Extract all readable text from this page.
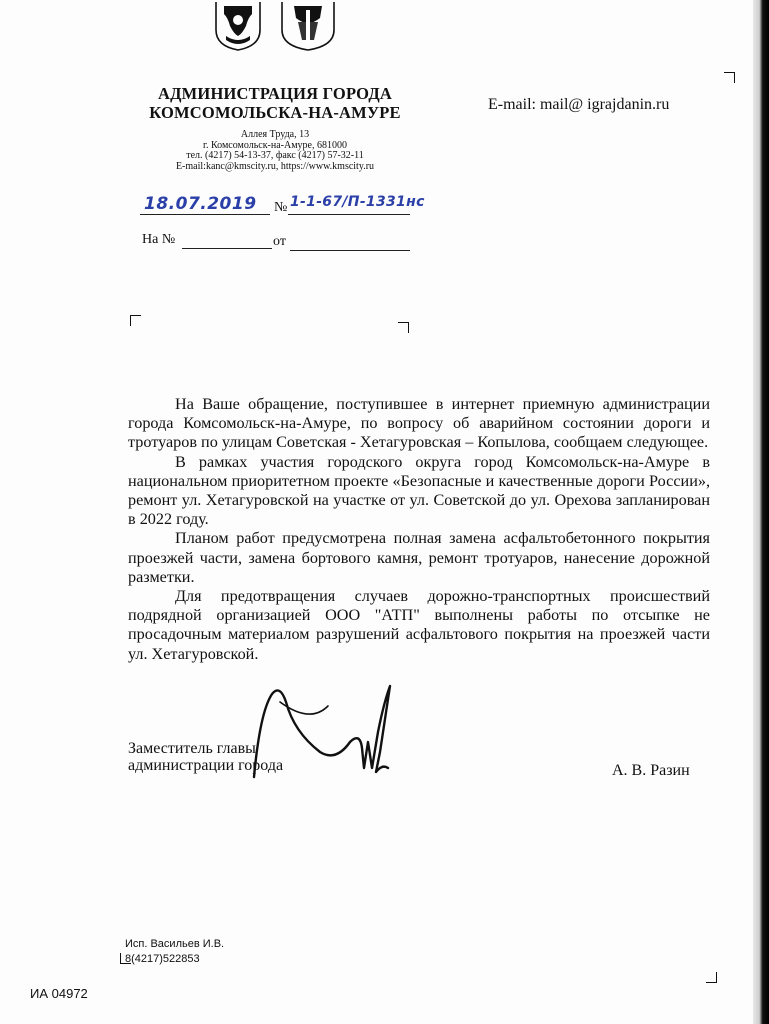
АДМИНИСТРАЦИЯ ГОРОДА
КОМСОМОЛЬСКА-НА-АМУРЕ
Аллея Труда, 13
г. Комсомольск-на-Амуре, 681000
тел. (4217) 54-13-37, факс (4217) 57-32-11
E-mail:kanc@kmscity.ru, https://www.kmscity.ru
E-mail: mail@ igrajdanin.ru
18.07.2019 № 1-1-67/П-1331нс
На №	от

На Ваше обращение, поступившее в интернет приемную администрации города Комсомольск-на-Амуре, по вопросу об аварийном состоянии дороги и тротуаров по улицам Советская - Хетагуровская – Копылова, сообщаем следующее.

В рамках участия городского округа город Комсомольск-на-Амуре в национальном приоритетном проекте «Безопасные и качественные дороги России», ремонт ул. Хетагуровской на участке от ул. Советской до ул. Орехова запланирован в 2022 году.

Планом работ предусмотрена полная замена асфальтобетонного покрытия проезжей части, замена бортового камня, ремонт тротуаров, нанесение дорожной разметки.

Для предотвращения случаев дорожно-транспортных происшествий подрядной организацией ООО "АТП" выполнены работы по отсыпке не просадочным материалом разрушений асфальтового покрытия на проезжей части ул. Хетагуровской.

Заместитель главы
администрации города	А. В. Разин
Исп. Васильев И.В.
8(4217)522853
ИА 04972
